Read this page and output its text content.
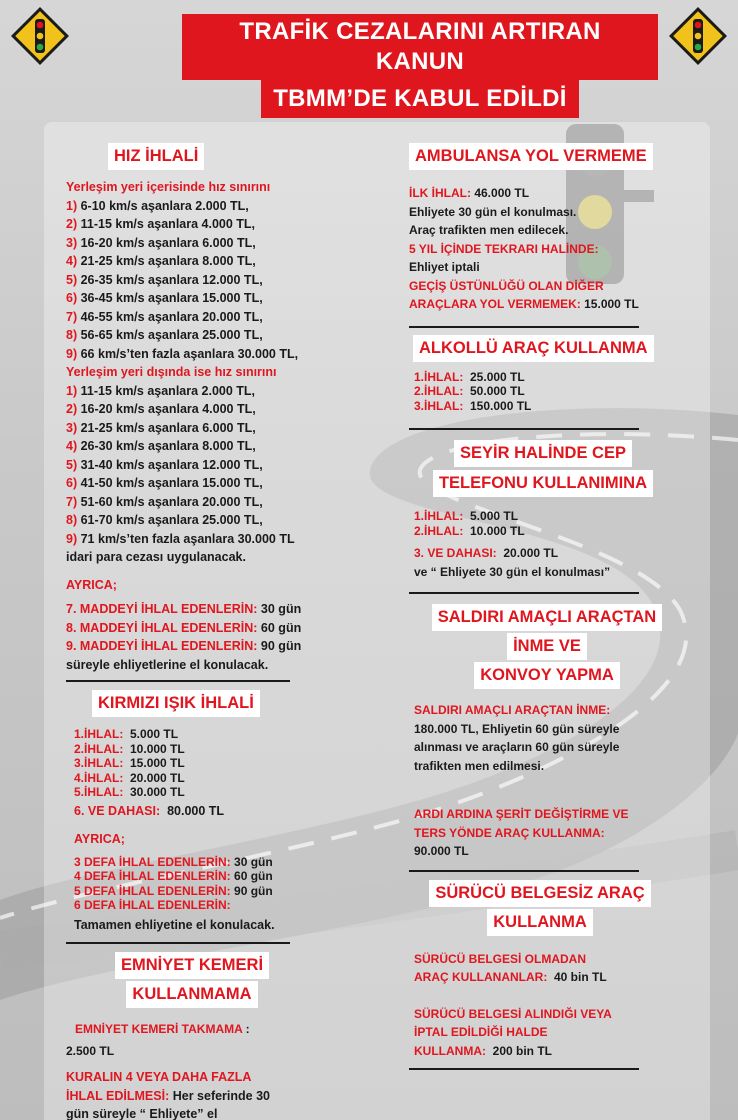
TRAFİK CEZALARINI ARTIRAN KANUN
TBMM’DE KABUL EDİLDİ
HIZ İHLALİ
Yerleşim yeri içerisinde hız sınırını
1) 6-10 km/s aşanlara 2.000 TL,
2) 11-15 km/s aşanlara 4.000 TL,
3) 16-20 km/s aşanlara 6.000 TL,
4) 21-25 km/s aşanlara 8.000 TL,
5) 26-35 km/s aşanlara 12.000 TL,
6) 36-45 km/s aşanlara 15.000 TL,
7) 46-55 km/s aşanlara 20.000 TL,
8) 56-65 km/s aşanlara 25.000 TL,
9) 66 km/s’ten fazla aşanlara 30.000 TL,
Yerleşim yeri dışında ise hız sınırını
1) 11-15 km/s aşanlara 2.000 TL,
2) 16-20 km/s aşanlara 4.000 TL,
3) 21-25 km/s aşanlara 6.000 TL,
4) 26-30 km/s aşanlara 8.000 TL,
5) 31-40 km/s aşanlara 12.000 TL,
6) 41-50 km/s aşanlara 15.000 TL,
7) 51-60 km/s aşanlara 20.000 TL,
8) 61-70 km/s aşanlara 25.000 TL,
9) 71 km/s’ten fazla aşanlara 30.000 TL
idari para cezası uygulanacak.
AYRICA;
7. MADDEYİ İHLAL EDENLERİN: 30 gün
8. MADDEYİ İHLAL EDENLERİN: 60 gün
9. MADDEYİ İHLAL EDENLERİN: 90 gün
süreyle ehliyetlerine el konulacak.
KIRMIZI IŞIK İHLALİ
1.İHLAL:  5.000 TL
2.İHLAL:  10.000 TL
3.İHLAL:  15.000 TL
4.İHLAL:  20.000 TL
5.İHLAL:  30.000 TL
6. VE DAHASI:  80.000 TL
AYRICA;
3 DEFA İHLAL EDENLERİN: 30 gün
4 DEFA İHLAL EDENLERİN: 60 gün
5 DEFA İHLAL EDENLERİN: 90 gün
6 DEFA İHLAL EDENLERİN:
Tamamen ehliyetine el konulacak.
EMNİYET KEMERİ
KULLANMAMA
EMNİYET KEMERİ TAKMAMA :
2.500 TL
KURALIN 4 VEYA DAHA FAZLA
İHLAL EDİLMESİ: Her seferinde 30
gün süreyle “ Ehliyete” el
AMBULANSA YOL VERMEME
İLK İHLAL: 46.000 TL
Ehliyete 30 gün el konulması.
Araç trafikten men edilecek.
5 YIL İÇİNDE TEKRARI HALİNDE:
Ehliyet iptali
GEÇİŞ ÜSTÜNLÜĞÜ OLAN DİĞER
ARAÇLARA YOL VERMEMEK: 15.000 TL
ALKOLLÜ ARAÇ KULLANMA
1.İHLAL:  25.000 TL
2.İHLAL:  50.000 TL
3.İHLAL:  150.000 TL
SEYİR HALİNDE CEP
TELEFONU KULLANIMINA
1.İHLAL:  5.000 TL
2.İHLAL:  10.000 TL
3. VE DAHASI:  20.000 TL
ve “ Ehliyete 30 gün el konulması”
SALDIRI AMAÇLI ARAÇTAN
İNME VE
KONVOY YAPMA
SALDIRI AMAÇLI ARAÇTAN İNME:
180.000 TL, Ehliyetin 60 gün süreyle
alınması ve araçların 60 gün süreyle
trafikten men edilmesi.
ARDI ARDINA ŞERİT DEĞİŞTİRME VE
TERS YÖNDE ARAÇ KULLANMA:
90.000 TL
SÜRÜCÜ BELGESİZ ARAÇ
KULLANMA
SÜRÜCÜ BELGESİ OLMADAN
ARAÇ KULLANANLAR:  40 bin TL
SÜRÜCÜ BELGESİ ALINDIĞI VEYA
İPTAL EDİLDİĞİ HALDE
KULLANMA:  200 bin TL
